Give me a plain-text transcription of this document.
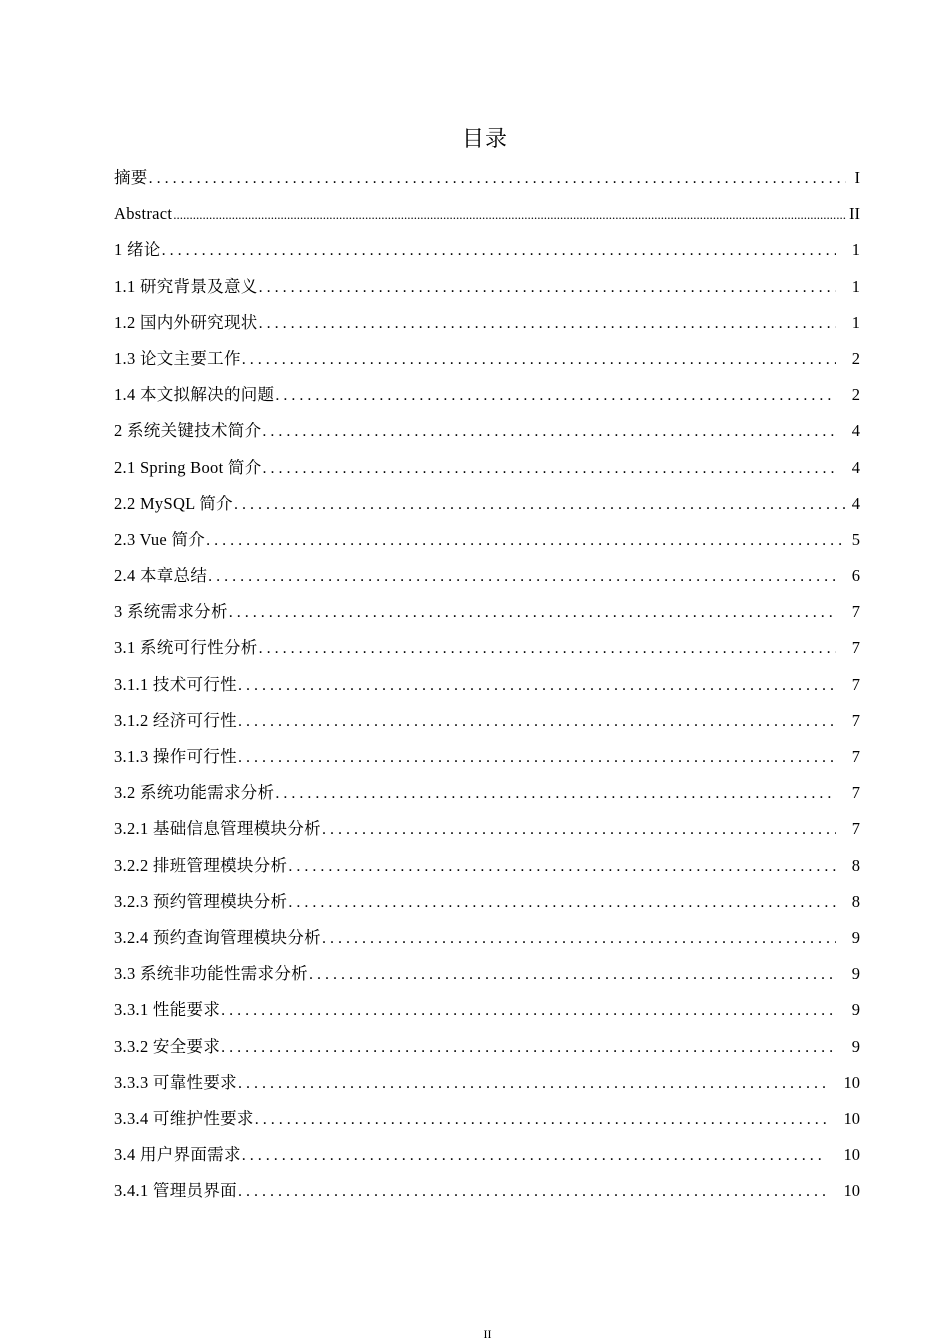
目录
摘要 . . .	I
Abstract .....	II
1 绪论 . . .	1
1.1 研究背景及意义 . . .	1
1.2 国内外研究现状 . . .	1
1.3 论文主要工作 . . .	2
1.4 本文拟解决的问题 . . .	2
2 系统关键技术简介 . . .	4
2.1 Spring Boot 简介 . . .	4
2.2 MySQL 简介 . . .	4
2.3 Vue 简介 . . .	5
2.4 本章总结 . . .	6
3 系统需求分析 . . .	7
3.1 系统可行性分析 . . .	7
3.1.1 技术可行性 . . .	7
3.1.2 经济可行性 . . .	7
3.1.3 操作可行性 . . .	7
3.2 系统功能需求分析 . . .	7
3.2.1 基础信息管理模块分析 . . .	7
3.2.2 排班管理模块分析 . . .	8
3.2.3 预约管理模块分析 . . .	8
3.2.4 预约查询管理模块分析 . . .	9
3.3 系统非功能性需求分析 . . .	9
3.3.1 性能要求 . . .	9
3.3.2 安全要求 . . .	9
3.3.3 可靠性要求 . . .	10
3.3.4 可维护性要求 . . .	10
3.4 用户界面需求 . . .	10
3.4.1 管理员界面 . . .	10
II
